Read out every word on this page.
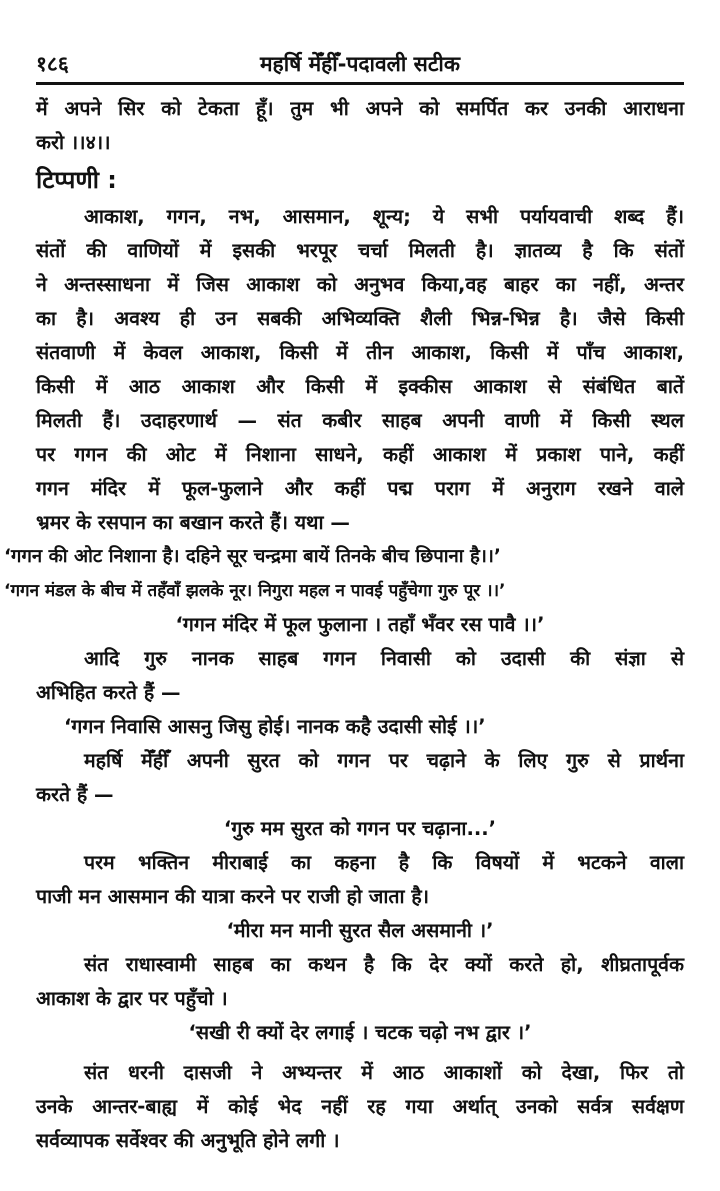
१८६	महर्षि मेँहीँ-पदावली सटीक
में अपने सिर को टेकता हूँ। तुम भी अपने को समर्पित कर उनकी आराधना
करो ।।४।।
टिप्पणी :
आकाश, गगन, नभ, आसमान, शून्य; ये सभी पर्यायवाची शब्द हैं।
संतों की वाणियों में इसकी भरपूर चर्चा मिलती है। ज्ञातव्य है कि संतों
ने अन्तस्साधना में जिस आकाश को अनुभव किया,वह बाहर का नहीं, अन्तर
का है। अवश्य ही उन सबकी अभिव्यक्ति शैली भिन्न-भिन्न है। जैसे किसी
संतवाणी में केवल आकाश, किसी में तीन आकाश, किसी में पाँच आकाश,
किसी में आठ आकाश और किसी में इक्कीस आकाश से संबंधित बातें
मिलती हैं। उदाहरणार्थ — संत कबीर साहब अपनी वाणी में किसी स्थल
पर गगन की ओट में निशाना साधने, कहीं आकाश में प्रकाश पाने, कहीं
गगन मंदिर में फूल-फुलाने और कहीं पद्म पराग में अनुराग रखने वाले
भ्रमर के रसपान का बखान करते हैं। यथा —
‘गगन की ओट निशाना है। दहिने सूर चन्द्रमा बायें तिनके बीच छिपाना है।।’
‘गगन मंडल के बीच में तहँवाँ झलके नूर। निगुरा महल न पावई पहुँचेगा गुरु पूर ।।’
‘गगन मंदिर में फूल फुलाना । तहाँ भँवर रस पावै ।।’
आदि गुरु नानक साहब गगन निवासी को उदासी की संज्ञा से
अभिहित करते हैं —
‘गगन निवासि आसनु जिसु होई। नानक कहै उदासी सोई ।।’
महर्षि मेँहीँ अपनी सुरत को गगन पर चढ़ाने के लिए गुरु से प्रार्थना
करते हैं —
‘गुरु मम सुरत को गगन पर चढ़ाना...’
परम भक्तिन मीराबाई का कहना है कि विषयों में भटकने वाला
पाजी मन आसमान की यात्रा करने पर राजी हो जाता है।
‘मीरा मन मानी सुरत सैल असमानी ।’
संत राधास्वामी साहब का कथन है कि देर क्यों करते हो, शीघ्रतापूर्वक
आकाश के द्वार पर पहुँचो ।
‘सखी री क्यों देर लगाई । चटक चढ़ो नभ द्वार ।’
संत धरनी दासजी ने अभ्यन्तर में आठ आकाशों को देखा, फिर तो
उनके आन्तर-बाह्य में कोई भेद नहीं रह गया अर्थात् उनको सर्वत्र सर्वक्षण
सर्वव्यापक सर्वेश्वर की अनुभूति होने लगी ।
